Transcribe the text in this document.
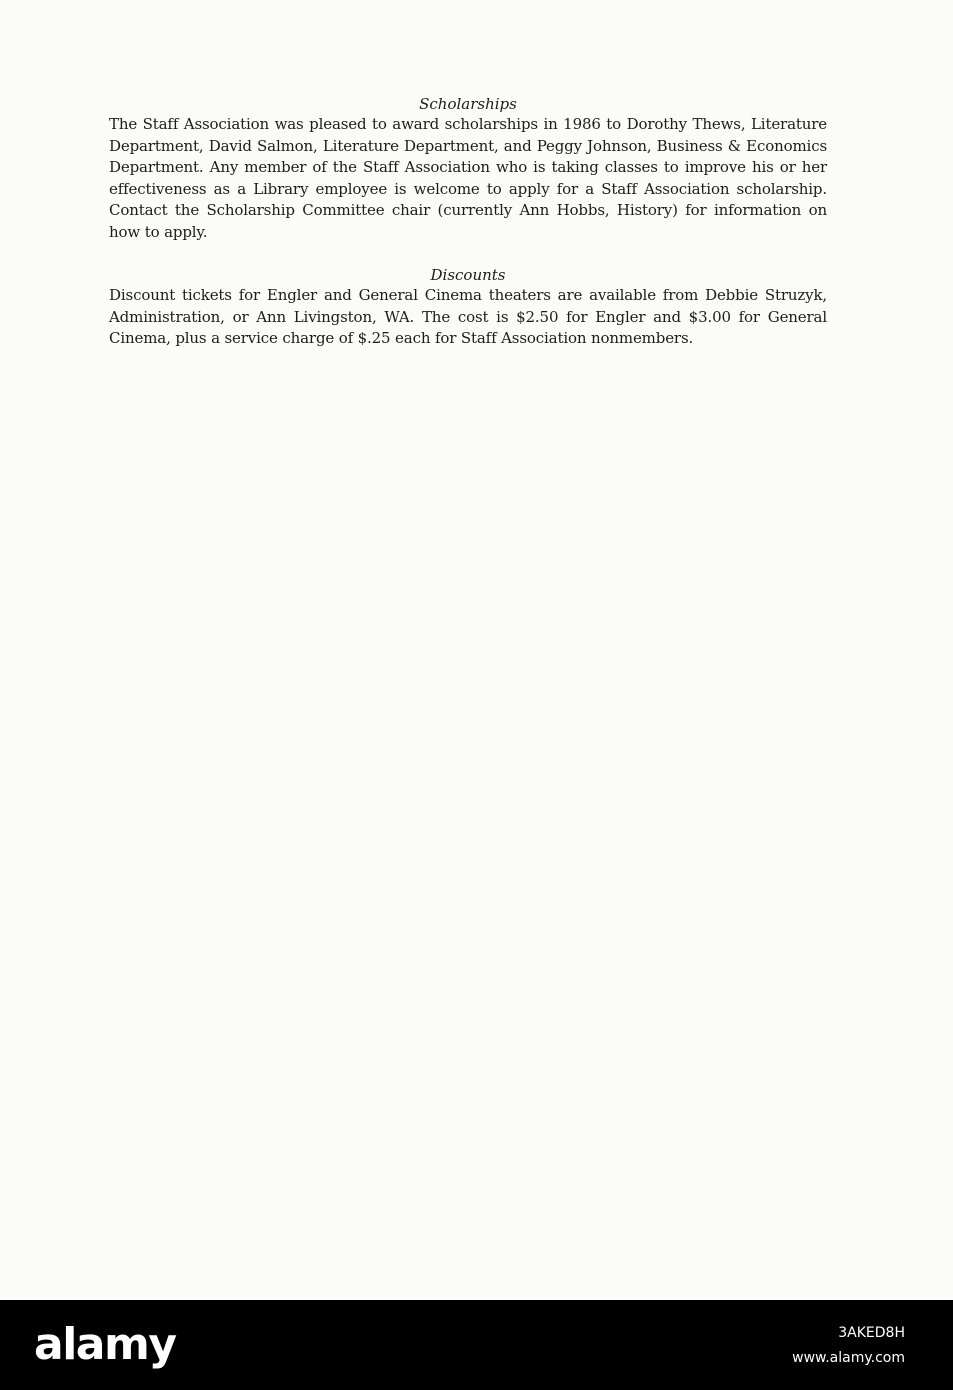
Scholarships

The Staff Association was pleased to award scholarships in 1986 to Dorothy Thews, Literature Department, David Salmon, Literature Department, and Peggy Johnson, Business & Economics Department. Any member of the Staff Association who is taking classes to improve his or her effectiveness as a Library employee is welcome to apply for a Staff Association scholarship. Contact the Scholarship Committee chair (currently Ann Hobbs, History) for information on how to apply.

Discounts

Discount tickets for Engler and General Cinema theaters are available from Debbie Struzyk, Administration, or Ann Livingston, WA. The cost is $2.50 for Engler and $3.00 for General Cinema, plus a service charge of $.25 each for Staff Association nonmembers.

alamy	3AKED8H
www.alamy.com
